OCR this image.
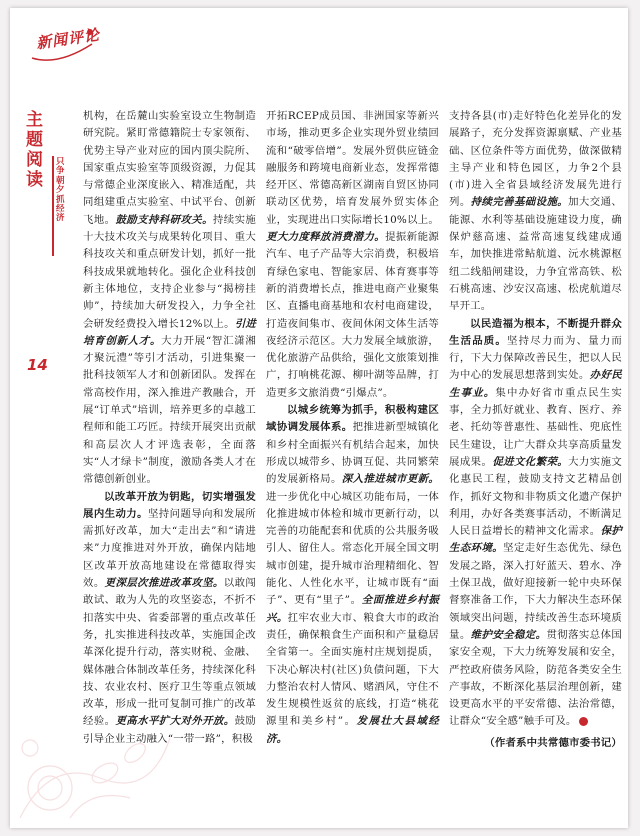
新闻评论
主题阅读
只争朝夕抓经济
14

机构，在岳麓山实验室设立生物制造研究院。紧盯常德籍院士专家领衔、优势主导产业对应的国内顶尖院所、国家重点实验室等顶级资源，力促其与常德企业深度嵌入、精准适配，共同组建重点实验室、中试平台、创新飞地。鼓励支持科研攻关。持续实施十大技术攻关与成果转化项目、重大科技攻关和重点研发计划，抓好一批科技成果就地转化。强化企业科技创新主体地位，支持企业参与“揭榜挂帅”，持续加大研发投入，力争全社会研发经费投入增长12%以上。引进培育创新人才。大力开展“智汇潇湘 才聚沅澧”等引才活动，引进集聚一批科技领军人才和创新团队。发挥在常高校作用，深入推进产教融合，开展“订单式”培训，培养更多的卓越工程师和能工巧匠。持续开展突出贡献和高层次人才评选表彰，全面落实“人才绿卡”制度，激励各类人才在常德创新创业。

以改革开放为钥匙，切实增强发展内生动力。坚持问题导向和发展所需抓好改革，加大“走出去”和“请进来”力度推进对外开放，确保内陆地区改革开放高地建设在常德取得实效。更深层次推进改革攻坚。以敢闯敢试、敢为人先的攻坚姿态，不折不扣落实中央、省委部署的重点改革任务，扎实推进科技改革，实施国企改革深化提升行动，落实财税、金融、媒体融合体制改革任务，持续深化科技、农业农村、医疗卫生等重点领域改革，形成一批可复制可推广的改革经验。更高水平扩大对外开放。鼓励引导企业主动融入“一带一路”，积极

开拓RCEP成员国、非洲国家等新兴市场，推动更多企业实现外贸业绩回流和“破零倍增”。发展外贸供应链金融服务和跨境电商新业态，发挥常德经开区、常德高新区湖南自贸区协同联动区优势，培育发展外贸实体企业，实现进出口实际增长10%以上。更大力度释放消费潜力。提振新能源汽车、电子产品等大宗消费，积极培育绿色家电、智能家居、体育赛事等新的消费增长点，推进电商产业聚集区、直播电商基地和农村电商建设，打造夜间集市、夜间休闲文体生活等夜经济示范区。大力发展全域旅游，优化旅游产品供给，强化文旅策划推广，打响桃花源、柳叶湖等品牌，打造更多文旅消费“引爆点”。

以城乡统筹为抓手，积极构建区域协调发展体系。把推进新型城镇化和乡村全面振兴有机结合起来，加快形成以城带乡、协调互促、共同繁荣的发展新格局。深入推进城市更新。进一步优化中心城区功能布局，一体化推进城市体检和城市更新行动，以完善的功能配套和优质的公共服务吸引人、留住人。常态化开展全国文明城市创建，提升城市治理精细化、智能化、人性化水平，让城市既有“面子”、更有“里子”。全面推进乡村振兴。扛牢农业大市、粮食大市的政治责任，确保粮食生产面积和产量稳居全省第一。全面实施村庄规划提质，下决心解决村(社区)负债问题，下大力整治农村人情风、赌酒风，守住不发生规模性返贫的底线，打造“桃花源里和美乡村”。发展壮大县域经济。

支持各县(市)走好特色化差异化的发展路子，充分发挥资源禀赋、产业基础、区位条件等方面优势，做深做精主导产业和特色园区，力争2个县(市)进入全省县域经济发展先进行列。持续完善基础设施。加大交通、能源、水利等基础设施建设力度，确保炉慈高速、益常高速复线建成通车，加快推进常鲇航道、沅水桃源枢纽二线船闸建设，力争宜常高铁、松石桃高速、沙安汉高速、松虎航道尽早开工。

以民造福为根本，不断提升群众生活品质。坚持尽力而为、量力而行，下大力保障改善民生，把以人民为中心的发展思想落到实处。办好民生事业。集中办好省市重点民生实事，全力抓好就业、教育、医疗、养老、托幼等普惠性、基础性、兜底性民生建设，让广大群众共享高质量发展成果。促进文化繁荣。大力实施文化惠民工程，鼓励支持文艺精品创作，抓好文物和非物质文化遗产保护利用，办好各类赛事活动，不断满足人民日益增长的精神文化需求。保护生态环境。坚定走好生态优先、绿色发展之路，深入打好蓝天、碧水、净土保卫战，做好迎接新一轮中央环保督察准备工作，下大力解决生态环保领域突出问题，持续改善生态环境质量。维护安全稳定。贯彻落实总体国家安全观，下大力统筹发展和安全，严控政府债务风险，防范各类安全生产事故，不断深化基层治理创新，建设更高水平的平安常德、法治常德，让群众“安全感”触手可及。

（作者系中共常德市委书记）
